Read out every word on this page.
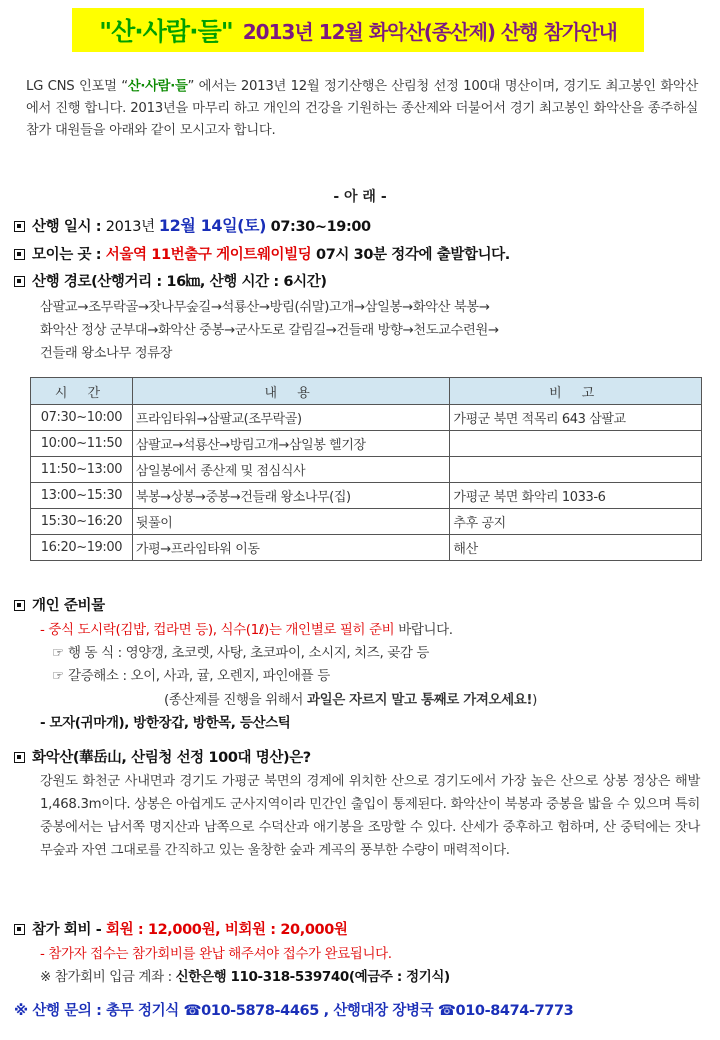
"산·사람·들" 2013년 12월 화악산(종산제) 산행 참가안내
LG CNS 인포멀 “산·사람·들” 에서는 2013년 12월 정기산행은 산림청 선정 100대 명산이며, 경기도 최고봉인 화악산에서 진행 합니다. 2013년을 마무리 하고 개인의 건강을 기원하는 종산제와 더불어서 경기 최고봉인 화악산을 종주하실 참가 대원들을 아래와 같이 모시고자 합니다.
- 아 래 -
산행 일시 : 2013년 12월 14일(토) 07:30~19:00
모이는 곳 : 서울역 11번출구 게이트웨이빌딩 07시 30분 정각에 출발합니다.
산행 경로(산행거리 : 16㎞, 산행 시간 : 6시간)
삼팔교→조무락골→잣나무숲길→석룡산→방림(쉬말)고개→삼일봉→화악산 북봉→
화악산 정상 군부대→화악산 중봉→군사도로 갈림길→건들래 방향→천도교수련원→
건들래 왕소나무 정류장
시 간	내 용	비 고
07:30~10:00	프라임타워→삼팔교(조무락골)	가평군 북면 적목리 643 삼팔교
10:00~11:50	삼팔교→석룡산→방림고개→삼일봉 헬기장	
11:50~13:00	삼일봉에서 종산제 및 점심식사	
13:00~15:30	북봉→상봉→중봉→건들래 왕소나무(집)	가평군 북면 화악리 1033-6
15:30~16:20	뒷풀이	추후 공지
16:20~19:00	가평→프라임타워 이동	해산
개인 준비물
- 중식 도시락(김밥, 컵라면 등), 식수(1ℓ)는 개인별로 필히 준비 바랍니다.
☞ 행 동 식 : 영양갱, 초코렛, 사탕, 초코파이, 소시지, 치즈, 곶감 등
☞ 갈증해소 : 오이, 사과, 귤, 오렌지, 파인애플 등
(종산제를 진행을 위해서 과일은 자르지 말고 통째로 가져오세요!)
- 모자(귀마개), 방한장갑, 방한목, 등산스틱
화악산(華岳山, 산림청 선정 100대 명산)은?
강원도 화천군 사내면과 경기도 가평군 북면의 경계에 위치한 산으로 경기도에서 가장 높은 산으로 상봉 정상은 해발 1,468.3m이다. 상봉은 아쉽게도 군사지역이라 민간인 출입이 통제된다. 화악산이 북봉과 중봉을 밟을 수 있으며 특히 중봉에서는 남서쪽 명지산과 남쪽으로 수덕산과 애기봉을 조망할 수 있다. 산세가 중후하고 험하며, 산 중턱에는 잣나무숲과 자연 그대로를 간직하고 있는 울창한 숲과 계곡의 풍부한 수량이 매력적이다.
참가 회비 - 회원 : 12,000원, 비회원 : 20,000원
- 참가자 접수는 참가회비를 완납 해주셔야 접수가 완료됩니다.
※ 참가회비 입금 계좌 : 신한은행 110-318-539740(예금주 : 정기식)
※ 산행 문의 : 총무 정기식 ☎010-5878-4465 , 산행대장 장병국 ☎010-8474-7773
